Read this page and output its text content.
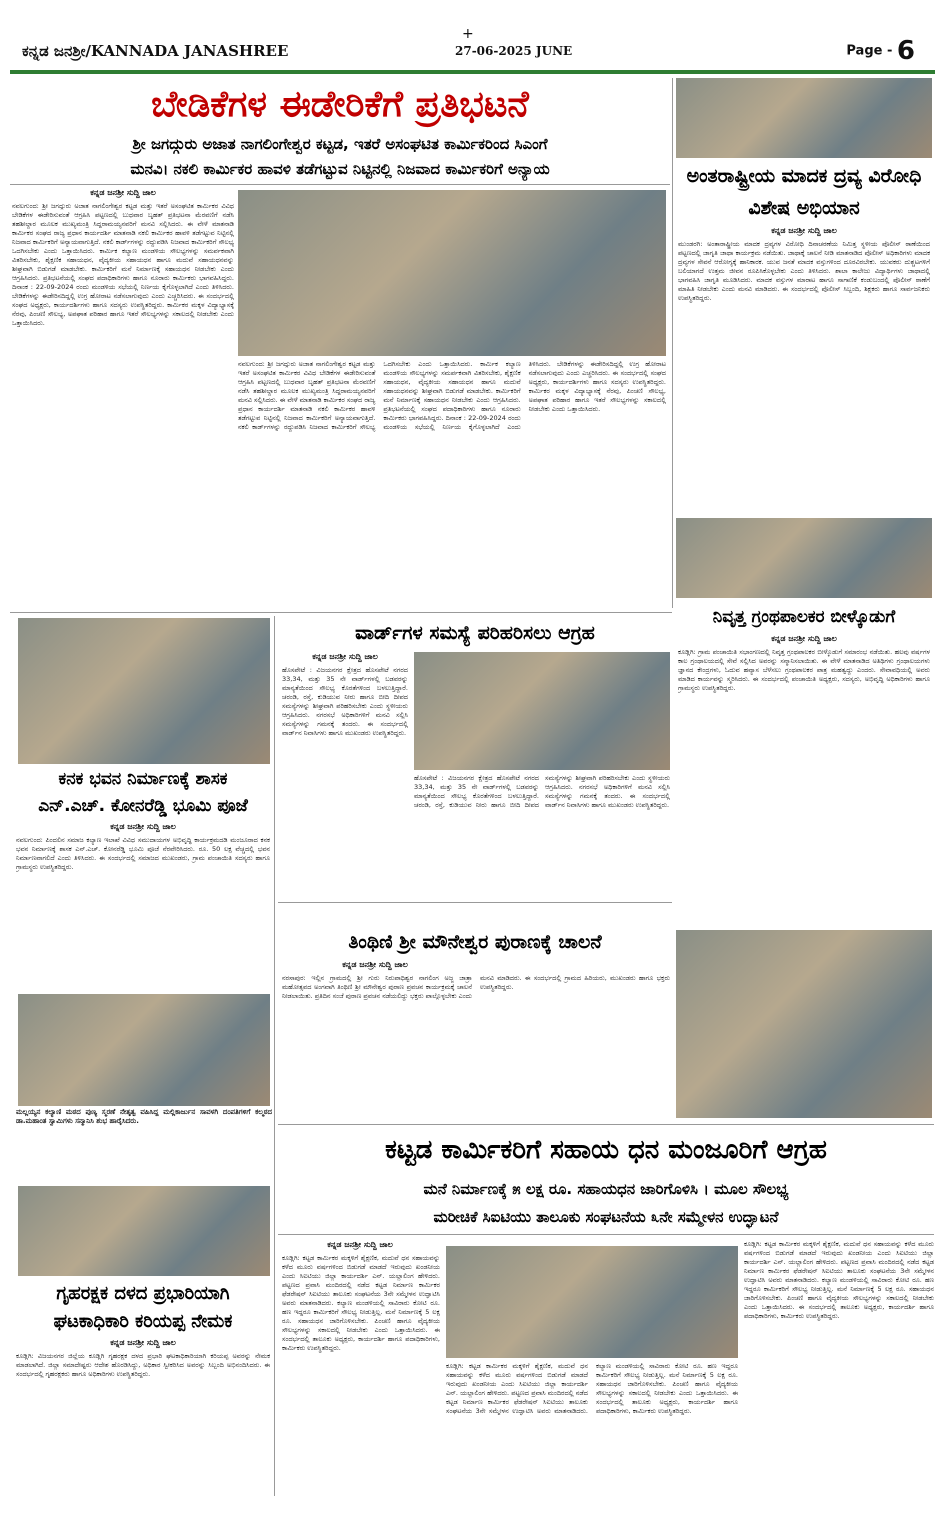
ಕನ್ನಡ ಜನಶ್ರೀ/KANNADA JANASHREE
+
27-06-2025 JUNE	Page - 6
ಬೇಡಿಕೆಗಳ ಈಡೇರಿಕೆಗೆ ಪ್ರತಿಭಟನೆ
ಶ್ರೀ ಜಗದ್ಗುರು ಅಜಾತ ನಾಗಲಿಂಗೇಶ್ವರ ಕಟ್ಟಡ, ಇತರೆ ಅಸಂಘಟಿತ ಕಾರ್ಮಿಕರಿಂದ ಸಿಎಂಗೆ
ಮನವಿ। ನಕಲಿ ಕಾರ್ಮಿಕರ ಹಾವಳಿ ತಡೆಗಟ್ಟುವ ನಿಟ್ಟಿನಲ್ಲಿ ನಿಜವಾದ ಕಾರ್ಮಿಕರಿಗೆ ಅನ್ಯಾಯ
ಕನ್ನಡ ಜನಶ್ರೀ ಸುದ್ದಿ ಜಾಲ
ನವಲಗುಂದ: ಶ್ರೀ ಜಗದ್ಗುರು ಅಜಾತ ನಾಗಲಿಂಗೇಶ್ವರ ಕಟ್ಟಡ ಮತ್ತು ಇತರೆ ಅಸಂಘಟಿತ ಕಾರ್ಮಿಕರ ವಿವಿಧ ಬೇಡಿಕೆಗಳ ಈಡೇರಿಸುವಂತೆ ಆಗ್ರಹಿಸಿ ಪಟ್ಟಣದಲ್ಲಿ ಬುಧವಾರ ಬೃಹತ್ ಪ್ರತಿಭಟನಾ ಮೆರವಣಿಗೆ ನಡೆಸಿ ತಹಶೀಲ್ದಾರ ಮೂಲಕ ಮುಖ್ಯಮಂತ್ರಿ ಸಿದ್ದರಾಮಯ್ಯನವರಿಗೆ ಮನವಿ ಸಲ್ಲಿಸಿದರು. ಈ ವೇಳೆ ಮಾತನಾಡಿ ಕಾರ್ಮಿಕರ ಸಂಘದ ರಾಜ್ಯ ಪ್ರಧಾನ ಕಾರ್ಯದರ್ಶಿ ಮಾತನಾಡಿ ನಕಲಿ ಕಾರ್ಮಿಕರ ಹಾವಳಿ ತಡೆಗಟ್ಟುವ ನಿಟ್ಟಿನಲ್ಲಿ ನಿಜವಾದ ಕಾರ್ಮಿಕರಿಗೆ ಅನ್ಯಾಯವಾಗುತ್ತಿದೆ. ನಕಲಿ ಕಾರ್ಡ್‌ಗಳನ್ನು ರದ್ದುಪಡಿಸಿ ನಿಜವಾದ ಕಾರ್ಮಿಕರಿಗೆ ಸೌಲಭ್ಯ ಒದಗಿಸಬೇಕು ಎಂದು ಒತ್ತಾಯಿಸಿದರು. ಕಾರ್ಮಿಕ ಕಲ್ಯಾಣ ಮಂಡಳಿಯ ಸೌಲಭ್ಯಗಳನ್ನು ಸಮರ್ಪಕವಾಗಿ ವಿತರಿಸಬೇಕು, ಶೈಕ್ಷಣಿಕ ಸಹಾಯಧನ, ವೈದ್ಯಕೀಯ ಸಹಾಯಧನ ಹಾಗೂ ಮದುವೆ ಸಹಾಯಧನವನ್ನು ಶೀಘ್ರವಾಗಿ ಬಿಡುಗಡೆ ಮಾಡಬೇಕು. ಕಾರ್ಮಿಕರಿಗೆ ಮನೆ ನಿರ್ಮಾಣಕ್ಕೆ ಸಹಾಯಧನ ನೀಡಬೇಕು ಎಂದು ಆಗ್ರಹಿಸಿದರು. ಪ್ರತಿಭಟನೆಯಲ್ಲಿ ಸಂಘದ ಪದಾಧಿಕಾರಿಗಳು ಹಾಗೂ ನೂರಾರು ಕಾರ್ಮಿಕರು ಭಾಗವಹಿಸಿದ್ದರು. ದಿನಾಂಕ : 22-09-2024 ರಂದು ಮಂಡಳಿಯ ಸಭೆಯಲ್ಲಿ ನಿರ್ಣಯ ಕೈಗೊಳ್ಳಲಾಗಿದೆ ಎಂದು ತಿಳಿಸಿದರು. ಬೇಡಿಕೆಗಳನ್ನು ಈಡೇರಿಸದಿದ್ದಲ್ಲಿ ಉಗ್ರ ಹೋರಾಟ ನಡೆಸಲಾಗುವುದು ಎಂದು ಎಚ್ಚರಿಸಿದರು. ಈ ಸಂದರ್ಭದಲ್ಲಿ ಸಂಘದ ಅಧ್ಯಕ್ಷರು, ಕಾರ್ಯದರ್ಶಿಗಳು ಹಾಗೂ ಸದಸ್ಯರು ಉಪಸ್ಥಿತರಿದ್ದರು. ಕಾರ್ಮಿಕರ ಮಕ್ಕಳ ವಿದ್ಯಾಭ್ಯಾಸಕ್ಕೆ ನೆರವು, ಪಿಂಚಣಿ ಸೌಲಭ್ಯ, ಅಪಘಾತ ಪರಿಹಾರ ಹಾಗೂ ಇತರೆ ಸೌಲಭ್ಯಗಳನ್ನು ಸಕಾಲದಲ್ಲಿ ನೀಡಬೇಕು ಎಂದು ಒತ್ತಾಯಿಸಿದರು.
ನವಲಗುಂದ: ಶ್ರೀ ಜಗದ್ಗುರು ಅಜಾತ ನಾಗಲಿಂಗೇಶ್ವರ ಕಟ್ಟಡ ಮತ್ತು ಇತರೆ ಅಸಂಘಟಿತ ಕಾರ್ಮಿಕರ ವಿವಿಧ ಬೇಡಿಕೆಗಳ ಈಡೇರಿಸುವಂತೆ ಆಗ್ರಹಿಸಿ ಪಟ್ಟಣದಲ್ಲಿ ಬುಧವಾರ ಬೃಹತ್ ಪ್ರತಿಭಟನಾ ಮೆರವಣಿಗೆ ನಡೆಸಿ ತಹಶೀಲ್ದಾರ ಮೂಲಕ ಮುಖ್ಯಮಂತ್ರಿ ಸಿದ್ದರಾಮಯ್ಯನವರಿಗೆ ಮನವಿ ಸಲ್ಲಿಸಿದರು. ಈ ವೇಳೆ ಮಾತನಾಡಿ ಕಾರ್ಮಿಕರ ಸಂಘದ ರಾಜ್ಯ ಪ್ರಧಾನ ಕಾರ್ಯದರ್ಶಿ ಮಾತನಾಡಿ ನಕಲಿ ಕಾರ್ಮಿಕರ ಹಾವಳಿ ತಡೆಗಟ್ಟುವ ನಿಟ್ಟಿನಲ್ಲಿ ನಿಜವಾದ ಕಾರ್ಮಿಕರಿಗೆ ಅನ್ಯಾಯವಾಗುತ್ತಿದೆ. ನಕಲಿ ಕಾರ್ಡ್‌ಗಳನ್ನು ರದ್ದುಪಡಿಸಿ ನಿಜವಾದ ಕಾರ್ಮಿಕರಿಗೆ ಸೌಲಭ್ಯ ಒದಗಿಸಬೇಕು ಎಂದು ಒತ್ತಾಯಿಸಿದರು. ಕಾರ್ಮಿಕ ಕಲ್ಯಾಣ ಮಂಡಳಿಯ ಸೌಲಭ್ಯಗಳನ್ನು ಸಮರ್ಪಕವಾಗಿ ವಿತರಿಸಬೇಕು, ಶೈಕ್ಷಣಿಕ ಸಹಾಯಧನ, ವೈದ್ಯಕೀಯ ಸಹಾಯಧನ ಹಾಗೂ ಮದುವೆ ಸಹಾಯಧನವನ್ನು ಶೀಘ್ರವಾಗಿ ಬಿಡುಗಡೆ ಮಾಡಬೇಕು. ಕಾರ್ಮಿಕರಿಗೆ ಮನೆ ನಿರ್ಮಾಣಕ್ಕೆ ಸಹಾಯಧನ ನೀಡಬೇಕು ಎಂದು ಆಗ್ರಹಿಸಿದರು. ಪ್ರತಿಭಟನೆಯಲ್ಲಿ ಸಂಘದ ಪದಾಧಿಕಾರಿಗಳು ಹಾಗೂ ನೂರಾರು ಕಾರ್ಮಿಕರು ಭಾಗವಹಿಸಿದ್ದರು. ದಿನಾಂಕ : 22-09-2024 ರಂದು ಮಂಡಳಿಯ ಸಭೆಯಲ್ಲಿ ನಿರ್ಣಯ ಕೈಗೊಳ್ಳಲಾಗಿದೆ ಎಂದು ತಿಳಿಸಿದರು. ಬೇಡಿಕೆಗಳನ್ನು ಈಡೇರಿಸದಿದ್ದಲ್ಲಿ ಉಗ್ರ ಹೋರಾಟ ನಡೆಸಲಾಗುವುದು ಎಂದು ಎಚ್ಚರಿಸಿದರು. ಈ ಸಂದರ್ಭದಲ್ಲಿ ಸಂಘದ ಅಧ್ಯಕ್ಷರು, ಕಾರ್ಯದರ್ಶಿಗಳು ಹಾಗೂ ಸದಸ್ಯರು ಉಪಸ್ಥಿತರಿದ್ದರು. ಕಾರ್ಮಿಕರ ಮಕ್ಕಳ ವಿದ್ಯಾಭ್ಯಾಸಕ್ಕೆ ನೆರವು, ಪಿಂಚಣಿ ಸೌಲಭ್ಯ, ಅಪಘಾತ ಪರಿಹಾರ ಹಾಗೂ ಇತರೆ ಸೌಲಭ್ಯಗಳನ್ನು ಸಕಾಲದಲ್ಲಿ ನೀಡಬೇಕು ಎಂದು ಒತ್ತಾಯಿಸಿದರು.
ಅಂತರಾಷ್ಟ್ರೀಯ ಮಾದಕ ದ್ರವ್ಯ ವಿರೋಧಿ ವಿಶೇಷ ಅಭಿಯಾನ
ಕನ್ನಡ ಜನಶ್ರೀ ಸುದ್ದಿ ಜಾಲ
ಮುಂಡರಗಿ: ಅಂತಾರಾಷ್ಟ್ರೀಯ ಮಾದಕ ದ್ರವ್ಯಗಳ ವಿರೋಧಿ ದಿನಾಚರಣೆಯ ನಿಮಿತ್ತ ಸ್ಥಳೀಯ ಪೊಲೀಸ್ ಠಾಣೆಯಿಂದ ಪಟ್ಟಣದಲ್ಲಿ ಜಾಗೃತಿ ಜಾಥಾ ಕಾರ್ಯಕ್ರಮ ನಡೆಯಿತು. ಜಾಥಾಕ್ಕೆ ಚಾಲನೆ ನೀಡಿ ಮಾತನಾಡಿದ ಪೊಲೀಸ್ ಅಧಿಕಾರಿಗಳು ಮಾದಕ ದ್ರವ್ಯಗಳ ಸೇವನೆ ಆರೋಗ್ಯಕ್ಕೆ ಹಾನಿಕಾರಕ. ಯುವ ಜನತೆ ಮಾದಕ ವಸ್ತುಗಳಿಂದ ದೂರವಿರಬೇಕು. ಯುವಕರು ದುಶ್ಚಟಗಳಿಗೆ ಬಲಿಯಾಗದೆ ಉತ್ತಮ ಜೀವನ ರೂಪಿಸಿಕೊಳ್ಳಬೇಕು ಎಂದು ತಿಳಿಸಿದರು. ಶಾಲಾ ಕಾಲೇಜು ವಿದ್ಯಾರ್ಥಿಗಳು ಜಾಥಾದಲ್ಲಿ ಭಾಗವಹಿಸಿ ಜಾಗೃತಿ ಮೂಡಿಸಿದರು. ಮಾದಕ ವಸ್ತುಗಳ ಮಾರಾಟ ಹಾಗೂ ಸಾಗಾಣಿಕೆ ಕಂಡುಬಂದಲ್ಲಿ ಪೊಲೀಸ್ ಠಾಣೆಗೆ ಮಾಹಿತಿ ನೀಡಬೇಕು ಎಂದು ಮನವಿ ಮಾಡಿದರು. ಈ ಸಂದರ್ಭದಲ್ಲಿ ಪೊಲೀಸ್ ಸಿಬ್ಬಂದಿ, ಶಿಕ್ಷಕರು ಹಾಗೂ ಸಾರ್ವಜನಿಕರು ಉಪಸ್ಥಿತರಿದ್ದರು.
ನಿವೃತ್ತ ಗ್ರಂಥಪಾಲಕರ ಬೀಳ್ಕೊಡುಗೆ
ಕನ್ನಡ ಜನಶ್ರೀ ಸುದ್ದಿ ಜಾಲ
ಕೂಡ್ಲಿಗಿ: ಗ್ರಾಮ ಪಂಚಾಯಿತಿ ಸಭಾಂಗಣದಲ್ಲಿ ನಿವೃತ್ತ ಗ್ರಂಥಪಾಲಕರ ಬೀಳ್ಕೊಡುಗೆ ಸಮಾರಂಭ ನಡೆಯಿತು. ಹಲವು ವರ್ಷಗಳ ಕಾಲ ಗ್ರಂಥಾಲಯದಲ್ಲಿ ಸೇವೆ ಸಲ್ಲಿಸಿದ ಅವರನ್ನು ಸನ್ಮಾನಿಸಲಾಯಿತು. ಈ ವೇಳೆ ಮಾತನಾಡಿದ ಅತಿಥಿಗಳು ಗ್ರಂಥಾಲಯಗಳು ಜ್ಞಾನದ ಕೇಂದ್ರಗಳು, ಓದುವ ಹವ್ಯಾಸ ಬೆಳೆಸಲು ಗ್ರಂಥಪಾಲಕರ ಪಾತ್ರ ಮಹತ್ವದ್ದು ಎಂದರು. ಸೇವಾವಧಿಯಲ್ಲಿ ಅವರು ಮಾಡಿದ ಕಾರ್ಯವನ್ನು ಸ್ಮರಿಸಿದರು. ಈ ಸಂದರ್ಭದಲ್ಲಿ ಪಂಚಾಯಿತಿ ಅಧ್ಯಕ್ಷರು, ಸದಸ್ಯರು, ಅಭಿವೃದ್ಧಿ ಅಧಿಕಾರಿಗಳು ಹಾಗೂ ಗ್ರಾಮಸ್ಥರು ಉಪಸ್ಥಿತರಿದ್ದರು.
ಕನಕ ಭವನ ನಿರ್ಮಾಣಕ್ಕೆ ಶಾಸಕ
ಎನ್.ಎಚ್. ಕೋನರೆಡ್ಡಿ ಭೂಮಿ ಪೂಜೆ
ಕನ್ನಡ ಜನಶ್ರೀ ಸುದ್ದಿ ಜಾಲ
ನವಲಗುಂದ: ಪಿಂದಲಿನ ಸಮಾಜ ಕಲ್ಯಾಣ ಇಲಾಖೆ ವಿವಿಧ ಸಮುದಾಯಗಳ ಅಭಿವೃದ್ಧಿ ಕಾರ್ಯಕ್ರಮದಡಿ ಮಂಜೂರಾದ ಕನಕ ಭವನ ನಿರ್ಮಾಣಕ್ಕೆ ಶಾಸಕ ಎನ್.ಎಚ್. ಕೋನರೆಡ್ಡಿ ಭೂಮಿ ಪೂಜೆ ನೆರವೇರಿಸಿದರು. ರೂ. 50 ಲಕ್ಷ ವೆಚ್ಚದಲ್ಲಿ ಭವನ ನಿರ್ಮಾಣವಾಗಲಿದೆ ಎಂದು ತಿಳಿಸಿದರು. ಈ ಸಂದರ್ಭದಲ್ಲಿ ಸಮಾಜದ ಮುಖಂಡರು, ಗ್ರಾಮ ಪಂಚಾಯಿತಿ ಸದಸ್ಯರು ಹಾಗೂ ಗ್ರಾಮಸ್ಥರು ಉಪಸ್ಥಿತರಿದ್ದರು.
ಮಲ್ಲಯ್ಯನ ಕಲ್ಯಾಣಿ ಮಠದ ಪುಣ್ಯ ಸ್ಮರಣೆ ನೇತೃತ್ವ ವಹಿಸಿದ್ದ ಮಲ್ಲಿಕಾರ್ಜುನ ಸಾವಳಗಿ ದಂಪತಿಗಳಿಗೆ ಕಲ್ಮಠದ ಡಾ.ಮಹಾಂತ ಸ್ವಾಮಿಗಳು ಸನ್ಮಾನಿಸಿ ಶುಭ ಹಾರೈಸಿದರು.
ಗೃಹರಕ್ಷಕ ದಳದ ಪ್ರಭಾರಿಯಾಗಿ
ಘಟಕಾಧಿಕಾರಿ ಕರಿಯಪ್ಪ ನೇಮಕ
ಕನ್ನಡ ಜನಶ್ರೀ ಸುದ್ದಿ ಜಾಲ
ಕೂಡ್ಲಿಗಿ: ವಿಜಯನಗರ ಜಿಲ್ಲೆಯ ಕೂಡ್ಲಿಗಿ ಗೃಹರಕ್ಷಕ ದಳದ ಪ್ರಭಾರಿ ಘಟಕಾಧಿಕಾರಿಯಾಗಿ ಕರಿಯಪ್ಪ ಅವರನ್ನು ನೇಮಕ ಮಾಡಲಾಗಿದೆ. ಜಿಲ್ಲಾ ಸಮಾದೇಷ್ಟರು ಆದೇಶ ಹೊರಡಿಸಿದ್ದು, ಅಧಿಕಾರ ಸ್ವೀಕರಿಸಿದ ಅವರನ್ನು ಸಿಬ್ಬಂದಿ ಅಭಿನಂದಿಸಿದರು. ಈ ಸಂದರ್ಭದಲ್ಲಿ ಗೃಹರಕ್ಷಕರು ಹಾಗೂ ಅಧಿಕಾರಿಗಳು ಉಪಸ್ಥಿತರಿದ್ದರು.
ವಾರ್ಡ್‌ಗಳ ಸಮಸ್ಯೆ ಪರಿಹರಿಸಲು ಆಗ್ರಹ
ಕನ್ನಡ ಜನಶ್ರೀ ಸುದ್ದಿ ಜಾಲ
ಹೊಸಪೇಟೆ : ವಿಜಯನಗರ ಕ್ಷೇತ್ರದ ಹೊಸಪೇಟೆ ನಗರದ 33,34, ಮತ್ತು 35 ನೇ ವಾರ್ಡ್‌ಗಳಲ್ಲಿ ಬಡವರನ್ನು ಮಾನ್ಯತೆಯಿಂದ ಸೌಲಭ್ಯ ಕೊರತೆಗಳಿಂದ ಬಳಲುತ್ತಿದ್ದಾರೆ. ಚರಂಡಿ, ರಸ್ತೆ, ಕುಡಿಯುವ ನೀರು ಹಾಗೂ ಬೀದಿ ದೀಪದ ಸಮಸ್ಯೆಗಳನ್ನು ಶೀಘ್ರವಾಗಿ ಪರಿಹರಿಸಬೇಕು ಎಂದು ಸ್ಥಳೀಯರು ಆಗ್ರಹಿಸಿದರು. ನಗರಸಭೆ ಅಧಿಕಾರಿಗಳಿಗೆ ಮನವಿ ಸಲ್ಲಿಸಿ ಸಮಸ್ಯೆಗಳನ್ನು ಗಮನಕ್ಕೆ ತಂದರು. ಈ ಸಂದರ್ಭದಲ್ಲಿ ವಾರ್ಡ್‌ನ ನಿವಾಸಿಗಳು ಹಾಗೂ ಮುಖಂಡರು ಉಪಸ್ಥಿತರಿದ್ದರು.
ಹೊಸಪೇಟೆ : ವಿಜಯನಗರ ಕ್ಷೇತ್ರದ ಹೊಸಪೇಟೆ ನಗರದ 33,34, ಮತ್ತು 35 ನೇ ವಾರ್ಡ್‌ಗಳಲ್ಲಿ ಬಡವರನ್ನು ಮಾನ್ಯತೆಯಿಂದ ಸೌಲಭ್ಯ ಕೊರತೆಗಳಿಂದ ಬಳಲುತ್ತಿದ್ದಾರೆ. ಚರಂಡಿ, ರಸ್ತೆ, ಕುಡಿಯುವ ನೀರು ಹಾಗೂ ಬೀದಿ ದೀಪದ ಸಮಸ್ಯೆಗಳನ್ನು ಶೀಘ್ರವಾಗಿ ಪರಿಹರಿಸಬೇಕು ಎಂದು ಸ್ಥಳೀಯರು ಆಗ್ರಹಿಸಿದರು. ನಗರಸಭೆ ಅಧಿಕಾರಿಗಳಿಗೆ ಮನವಿ ಸಲ್ಲಿಸಿ ಸಮಸ್ಯೆಗಳನ್ನು ಗಮನಕ್ಕೆ ತಂದರು. ಈ ಸಂದರ್ಭದಲ್ಲಿ ವಾರ್ಡ್‌ನ ನಿವಾಸಿಗಳು ಹಾಗೂ ಮುಖಂಡರು ಉಪಸ್ಥಿತರಿದ್ದರು.
ತಿಂಥಿಣಿ ಶ್ರೀ ಮೌನೇಶ್ವರ ಪುರಾಣಕ್ಕೆ ಚಾಲನೆ
ಕನ್ನಡ ಜನಶ್ರೀ ಸುದ್ದಿ ಜಾಲ
ನರಸಾಪುರ: ಇಲ್ಲಿನ ಗ್ರಾಮದಲ್ಲಿ ಶ್ರೀ ಗುರು ನಿರುಪಾಧಿಶ್ವರ ನಾಗಲಿಂಗ ಅಜ್ಜ ಜಾತ್ರಾ ಮಹೋತ್ಸವದ ಅಂಗವಾಗಿ ತಿಂಥಿಣಿ ಶ್ರೀ ಮೌನೇಶ್ವರ ಪುರಾಣ ಪ್ರವಚನ ಕಾರ್ಯಕ್ರಮಕ್ಕೆ ಚಾಲನೆ ನೀಡಲಾಯಿತು. ಪ್ರತಿದಿನ ಸಂಜೆ ಪುರಾಣ ಪ್ರವಚನ ನಡೆಯಲಿದ್ದು ಭಕ್ತರು ಪಾಲ್ಗೊಳ್ಳಬೇಕು ಎಂದು ಮನವಿ ಮಾಡಿದರು. ಈ ಸಂದರ್ಭದಲ್ಲಿ ಗ್ರಾಮದ ಹಿರಿಯರು, ಮುಖಂಡರು ಹಾಗೂ ಭಕ್ತರು ಉಪಸ್ಥಿತರಿದ್ದರು.
ಕಟ್ಟಡ ಕಾರ್ಮಿಕರಿಗೆ ಸಹಾಯ ಧನ ಮಂಜೂರಿಗೆ ಆಗ್ರಹ
ಮನೆ ನಿರ್ಮಾಣಕ್ಕೆ ೫ ಲಕ್ಷ ರೂ. ಸಹಾಯಧನ ಜಾರಿಗೊಳಿಸಿ । ಮೂಲ ಸೌಲಭ್ಯ
ಮರೀಚಿಕೆ ಸಿಐಟಿಯು ತಾಲೂಕು ಸಂಘಟನೆಯ ೩ನೇ ಸಮ್ಮೇಳನ ಉದ್ಘಾಟನೆ
ಕನ್ನಡ ಜನಶ್ರೀ ಸುದ್ದಿ ಜಾಲ
ಕೂಡ್ಲಿಗಿ: ಕಟ್ಟಡ ಕಾರ್ಮಿಕರ ಮಕ್ಕಳಿಗೆ ಶೈಕ್ಷಣಿಕ, ಮದುವೆ ಧನ ಸಹಾಯವನ್ನು ಕಳೆದ ಮೂರು ವರ್ಷಗಳಿಂದ ಬಿಡುಗಡೆ ಮಾಡದೆ ಇರುವುದು ಖಂಡನೀಯ ಎಂದು ಸಿಐಟಿಯು ಜಿಲ್ಲಾ ಕಾರ್ಯದರ್ಶಿ ಎನ್. ಯಲ್ಲಾಲಿಂಗ ಹೇಳಿದರು. ಪಟ್ಟಣದ ಪ್ರವಾಸಿ ಮಂದಿರದಲ್ಲಿ ನಡೆದ ಕಟ್ಟಡ ನಿರ್ಮಾಣ ಕಾರ್ಮಿಕರ ಫೆಡರೇಷನ್ ಸಿಐಟಿಯು ತಾಲೂಕು ಸಂಘಟನೆಯ 3ನೇ ಸಮ್ಮೇಳನ ಉದ್ಘಾಟಿಸಿ ಅವರು ಮಾತನಾಡಿದರು. ಕಲ್ಯಾಣ ಮಂಡಳಿಯಲ್ಲಿ ಸಾವಿರಾರು ಕೋಟಿ ರೂ. ಹಣ ಇದ್ದರೂ ಕಾರ್ಮಿಕರಿಗೆ ಸೌಲಭ್ಯ ನೀಡುತ್ತಿಲ್ಲ. ಮನೆ ನಿರ್ಮಾಣಕ್ಕೆ 5 ಲಕ್ಷ ರೂ. ಸಹಾಯಧನ ಜಾರಿಗೊಳಿಸಬೇಕು. ಪಿಂಚಣಿ ಹಾಗೂ ವೈದ್ಯಕೀಯ ಸೌಲಭ್ಯಗಳನ್ನು ಸಕಾಲದಲ್ಲಿ ನೀಡಬೇಕು ಎಂದು ಒತ್ತಾಯಿಸಿದರು. ಈ ಸಂದರ್ಭದಲ್ಲಿ ತಾಲೂಕು ಅಧ್ಯಕ್ಷರು, ಕಾರ್ಯದರ್ಶಿ ಹಾಗೂ ಪದಾಧಿಕಾರಿಗಳು, ಕಾರ್ಮಿಕರು ಉಪಸ್ಥಿತರಿದ್ದರು.
ಕೂಡ್ಲಿಗಿ: ಕಟ್ಟಡ ಕಾರ್ಮಿಕರ ಮಕ್ಕಳಿಗೆ ಶೈಕ್ಷಣಿಕ, ಮದುವೆ ಧನ ಸಹಾಯವನ್ನು ಕಳೆದ ಮೂರು ವರ್ಷಗಳಿಂದ ಬಿಡುಗಡೆ ಮಾಡದೆ ಇರುವುದು ಖಂಡನೀಯ ಎಂದು ಸಿಐಟಿಯು ಜಿಲ್ಲಾ ಕಾರ್ಯದರ್ಶಿ ಎನ್. ಯಲ್ಲಾಲಿಂಗ ಹೇಳಿದರು. ಪಟ್ಟಣದ ಪ್ರವಾಸಿ ಮಂದಿರದಲ್ಲಿ ನಡೆದ ಕಟ್ಟಡ ನಿರ್ಮಾಣ ಕಾರ್ಮಿಕರ ಫೆಡರೇಷನ್ ಸಿಐಟಿಯು ತಾಲೂಕು ಸಂಘಟನೆಯ 3ನೇ ಸಮ್ಮೇಳನ ಉದ್ಘಾಟಿಸಿ ಅವರು ಮಾತನಾಡಿದರು. ಕಲ್ಯಾಣ ಮಂಡಳಿಯಲ್ಲಿ ಸಾವಿರಾರು ಕೋಟಿ ರೂ. ಹಣ ಇದ್ದರೂ ಕಾರ್ಮಿಕರಿಗೆ ಸೌಲಭ್ಯ ನೀಡುತ್ತಿಲ್ಲ. ಮನೆ ನಿರ್ಮಾಣಕ್ಕೆ 5 ಲಕ್ಷ ರೂ. ಸಹಾಯಧನ ಜಾರಿಗೊಳಿಸಬೇಕು. ಪಿಂಚಣಿ ಹಾಗೂ ವೈದ್ಯಕೀಯ ಸೌಲಭ್ಯಗಳನ್ನು ಸಕಾಲದಲ್ಲಿ ನೀಡಬೇಕು ಎಂದು ಒತ್ತಾಯಿಸಿದರು. ಈ ಸಂದರ್ಭದಲ್ಲಿ ತಾಲೂಕು ಅಧ್ಯಕ್ಷರು, ಕಾರ್ಯದರ್ಶಿ ಹಾಗೂ ಪದಾಧಿಕಾರಿಗಳು, ಕಾರ್ಮಿಕರು ಉಪಸ್ಥಿತರಿದ್ದರು.
ಕೂಡ್ಲಿಗಿ: ಕಟ್ಟಡ ಕಾರ್ಮಿಕರ ಮಕ್ಕಳಿಗೆ ಶೈಕ್ಷಣಿಕ, ಮದುವೆ ಧನ ಸಹಾಯವನ್ನು ಕಳೆದ ಮೂರು ವರ್ಷಗಳಿಂದ ಬಿಡುಗಡೆ ಮಾಡದೆ ಇರುವುದು ಖಂಡನೀಯ ಎಂದು ಸಿಐಟಿಯು ಜಿಲ್ಲಾ ಕಾರ್ಯದರ್ಶಿ ಎನ್. ಯಲ್ಲಾಲಿಂಗ ಹೇಳಿದರು. ಪಟ್ಟಣದ ಪ್ರವಾಸಿ ಮಂದಿರದಲ್ಲಿ ನಡೆದ ಕಟ್ಟಡ ನಿರ್ಮಾಣ ಕಾರ್ಮಿಕರ ಫೆಡರೇಷನ್ ಸಿಐಟಿಯು ತಾಲೂಕು ಸಂಘಟನೆಯ 3ನೇ ಸಮ್ಮೇಳನ ಉದ್ಘಾಟಿಸಿ ಅವರು ಮಾತನಾಡಿದರು. ಕಲ್ಯಾಣ ಮಂಡಳಿಯಲ್ಲಿ ಸಾವಿರಾರು ಕೋಟಿ ರೂ. ಹಣ ಇದ್ದರೂ ಕಾರ್ಮಿಕರಿಗೆ ಸೌಲಭ್ಯ ನೀಡುತ್ತಿಲ್ಲ. ಮನೆ ನಿರ್ಮಾಣಕ್ಕೆ 5 ಲಕ್ಷ ರೂ. ಸಹಾಯಧನ ಜಾರಿಗೊಳಿಸಬೇಕು. ಪಿಂಚಣಿ ಹಾಗೂ ವೈದ್ಯಕೀಯ ಸೌಲಭ್ಯಗಳನ್ನು ಸಕಾಲದಲ್ಲಿ ನೀಡಬೇಕು ಎಂದು ಒತ್ತಾಯಿಸಿದರು. ಈ ಸಂದರ್ಭದಲ್ಲಿ ತಾಲೂಕು ಅಧ್ಯಕ್ಷರು, ಕಾರ್ಯದರ್ಶಿ ಹಾಗೂ ಪದಾಧಿಕಾರಿಗಳು, ಕಾರ್ಮಿಕರು ಉಪಸ್ಥಿತರಿದ್ದರು.
